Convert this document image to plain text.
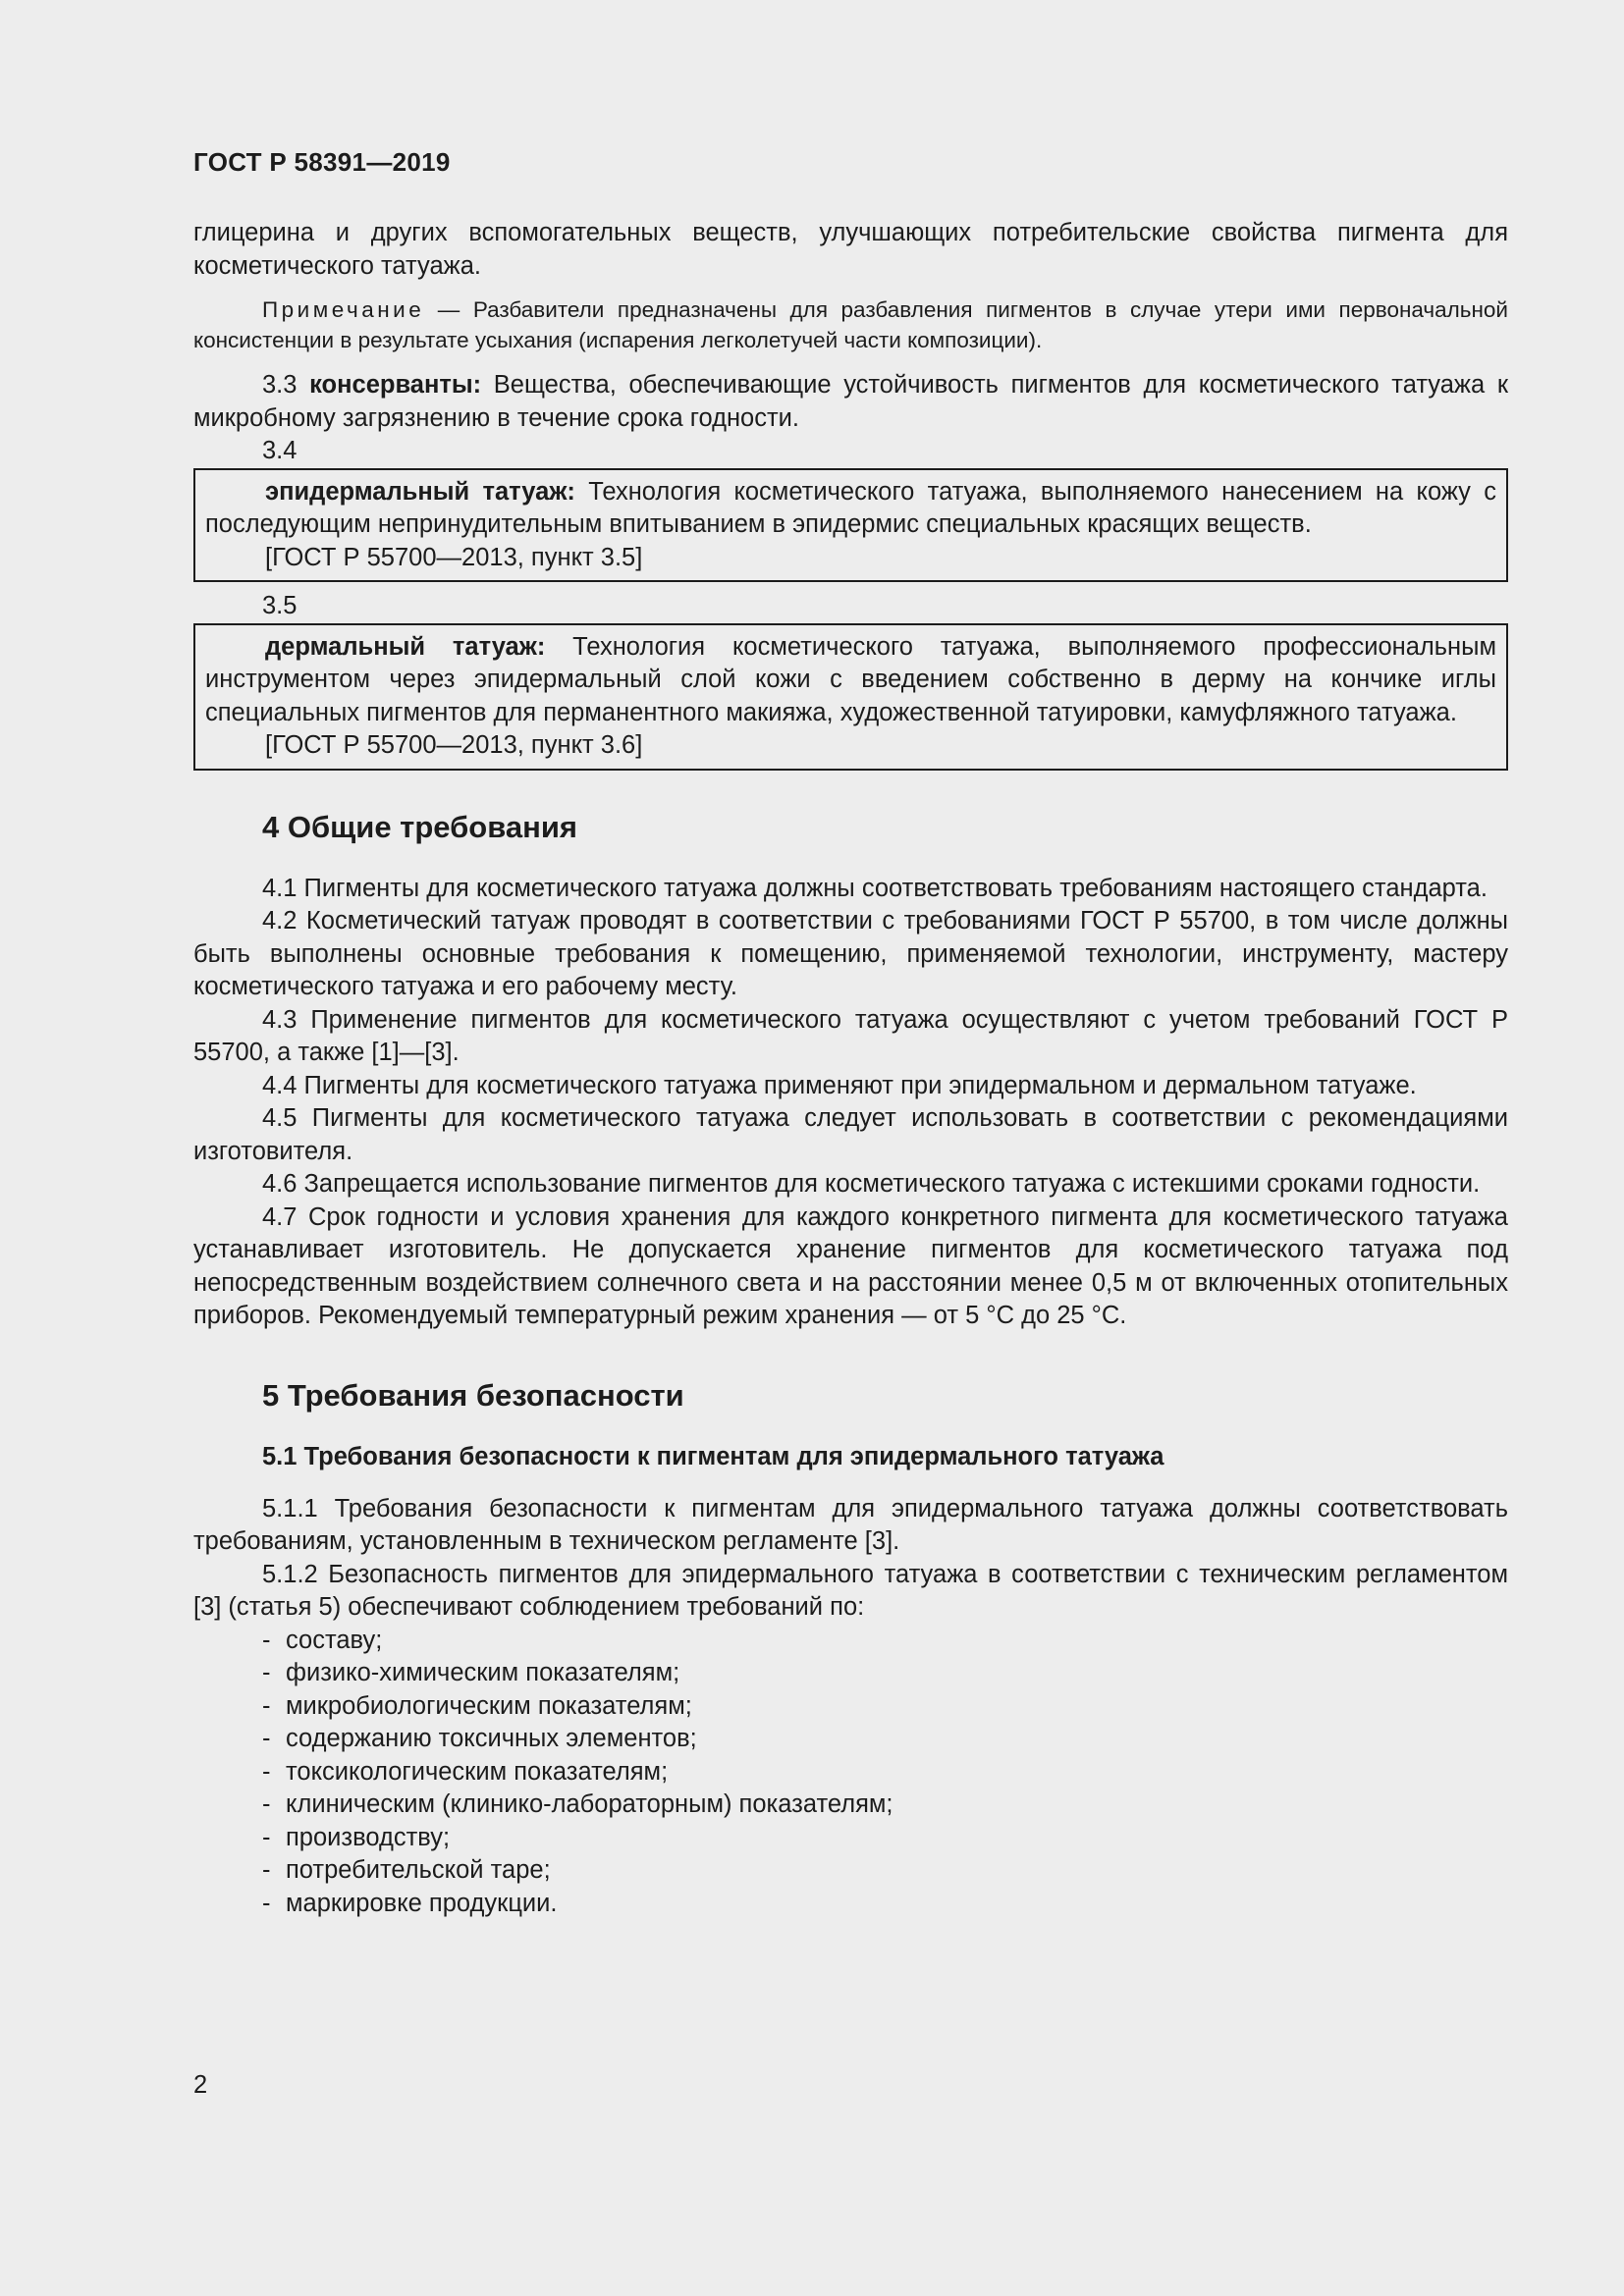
ГОСТ Р 58391—2019

глицерина и других вспомогательных веществ, улучшающих потребительские свойства пигмента для косметического татуажа.

Примечание — Разбавители предназначены для разбавления пигментов в случае утери ими первоначальной консистенции в результате усыхания (испарения легколетучей части композиции).

3.3 консерванты: Вещества, обеспечивающие устойчивость пигментов для косметического татуажа к микробному загрязнению в течение срока годности.

3.4

эпидермальный татуаж: Технология косметического татуажа, выполняемого нанесением на кожу с последующим непринудительным впитыванием в эпидермис специальных красящих веществ.

[ГОСТ Р 55700—2013, пункт 3.5]
3.5

дермальный татуаж: Технология косметического татуажа, выполняемого профессиональным инструментом через эпидермальный слой кожи с введением собственно в дерму на кончике иглы специальных пигментов для перманентного макияжа, художественной татуировки, камуфляжного татуажа.

[ГОСТ Р 55700—2013, пункт 3.6]
4 Общие требования

4.1 Пигменты для косметического татуажа должны соответствовать требованиям настоящего стандарта.

4.2 Косметический татуаж проводят в соответствии с требованиями ГОСТ Р 55700, в том числе должны быть выполнены основные требования к помещению, применяемой технологии, инструменту, мастеру косметического татуажа и его рабочему месту.

4.3 Применение пигментов для косметического татуажа осуществляют с учетом требований ГОСТ Р 55700, а также [1]—[3].

4.4 Пигменты для косметического татуажа применяют при эпидермальном и дермальном татуаже.

4.5 Пигменты для косметического татуажа следует использовать в соответствии с рекомендациями изготовителя.

4.6 Запрещается использование пигментов для косметического татуажа с истекшими сроками годности.

4.7 Срок годности и условия хранения для каждого конкретного пигмента для косметического татуажа устанавливает изготовитель. Не допускается хранение пигментов для косметического татуажа под непосредственным воздействием солнечного света и на расстоянии менее 0,5 м от включенных отопительных приборов. Рекомендуемый температурный режим хранения — от 5 °С до 25 °С.

5 Требования безопасности
5.1 Требования безопасности к пигментам для эпидермального татуажа

5.1.1 Требования безопасности к пигментам для эпидермального татуажа должны соответствовать требованиям, установленным в техническом регламенте [3].

5.1.2 Безопасность пигментов для эпидермального татуажа в соответствии с техническим регламентом [3] (статья 5) обеспечивают соблюдением требований по:

- составу;
- физико-химическим показателям;
- микробиологическим показателям;
- содержанию токсичных элементов;
- токсикологическим показателям;
- клиническим (клинико-лабораторным) показателям;
- производству;
- потребительской таре;
- маркировке продукции.
2
